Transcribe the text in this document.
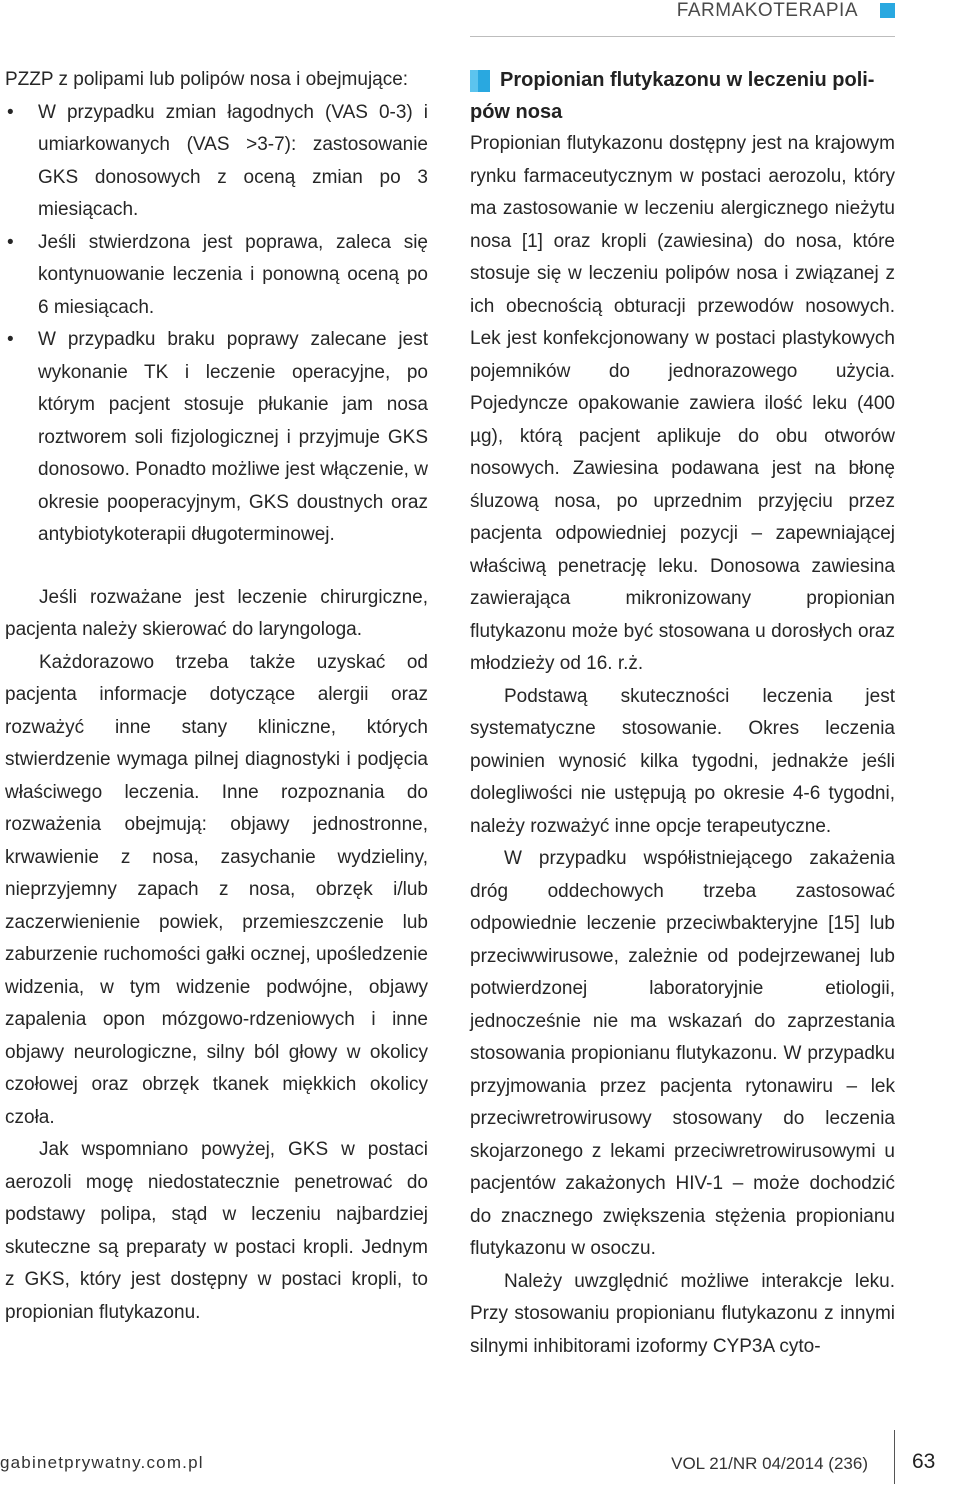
FARMAKOTERAPIA

PZZP z polipami lub polipów nosa i obejmujące:

• W przypadku zmian łagodnych (VAS 0-3) i umiarkowanych (VAS >3-7): zastosowanie GKS donosowych z oceną zmian po 3 miesiącach.
• Jeśli stwierdzona jest poprawa, zaleca się kontynuowanie leczenia i ponowną oceną po 6 miesiącach.
• W przypadku braku poprawy zalecane jest wykonanie TK i leczenie operacyjne, po którym pacjent stosuje płukanie jam nosa roztworem soli fizjologicznej i przyjmuje GKS donosowo. Ponadto możliwe jest włączenie, w okresie pooperacyjnym, GKS doustnych oraz antybiotykoterapii długoterminowej.

Jeśli rozważane jest leczenie chirurgiczne, pacjenta należy skierować do laryngologa.

Każdorazowo trzeba także uzyskać od pacjenta informacje dotyczące alergii oraz rozważyć inne stany kliniczne, których stwierdzenie wymaga pilnej diagnostyki i podjęcia właściwego leczenia. Inne rozpoznania do rozważenia obejmują: objawy jednostronne, krwawienie z nosa, zasychanie wydzieliny, nieprzyjemny zapach z nosa, obrzęk i/lub zaczerwienienie powiek, przemieszczenie lub zaburzenie ruchomości gałki ocznej, upośledzenie widzenia, w tym widzenie podwójne, objawy zapalenia opon mózgowo-rdzeniowych i inne objawy neurologiczne, silny ból głowy w okolicy czołowej oraz obrzęk tkanek miękkich okolicy czoła.

Jak wspomniano powyżej, GKS w postaci aerozoli mogę niedostatecznie penetrować do podstawy polipa, stąd w leczeniu najbardziej skuteczne są preparaty w postaci kropli. Jednym z GKS, który jest dostępny w postaci kropli, to propionian flutykazonu.

Propionian flutykazonu w leczeniu poli-
pów nosa

Propionian flutykazonu dostępny jest na krajowym rynku farmaceutycznym w postaci aerozolu, który ma zastosowanie w leczeniu alergicznego nieżytu nosa [1] oraz kropli (zawiesina) do nosa, które stosuje się w leczeniu polipów nosa i związanej z ich obecnością obturacji przewodów nosowych. Lek jest konfekcjonowany w postaci plastykowych pojemników do jednorazowego użycia. Pojedyncze opakowanie zawiera ilość leku (400 µg), którą pacjent aplikuje do obu otworów nosowych. Zawiesina podawana jest na błonę śluzową nosa, po uprzednim przyjęciu przez pacjenta odpowiedniej pozycji – zapewniającej właściwą penetrację leku. Donosowa zawiesina zawierająca mikronizowany propionian flutykazonu może być stosowana u dorosłych oraz młodzieży od 16. r.ż.

Podstawą skuteczności leczenia jest systematyczne stosowanie. Okres leczenia powinien wynosić kilka tygodni, jednakże jeśli dolegliwości nie ustępują po okresie 4-6 tygodni, należy rozważyć inne opcje terapeutyczne.

W przypadku współistniejącego zakażenia dróg oddechowych trzeba zastosować odpowiednie leczenie przeciwbakteryjne [15] lub przeciwwirusowe, zależnie od podejrzewanej lub potwierdzonej laboratoryjnie etiologii, jednocześnie nie ma wskazań do zaprzestania stosowania propionianu flutykazonu. W przypadku przyjmowania przez pacjenta rytonawiru – lek przeciwretrowirusowy stosowany do leczenia skojarzonego z lekami przeciwretrowirusowymi u pacjentów zakażonych HIV-1 – może dochodzić do znacznego zwiększenia stężenia propionianu flutykazonu w osoczu.

Należy uwzględnić możliwe interakcje leku. Przy stosowaniu propionianu flutykazonu z innymi silnymi inhibitorami izoformy CYP3A cyto-

gabinetprywatny.com.pl	VOL 21/NR 04/2014 (236) 63
